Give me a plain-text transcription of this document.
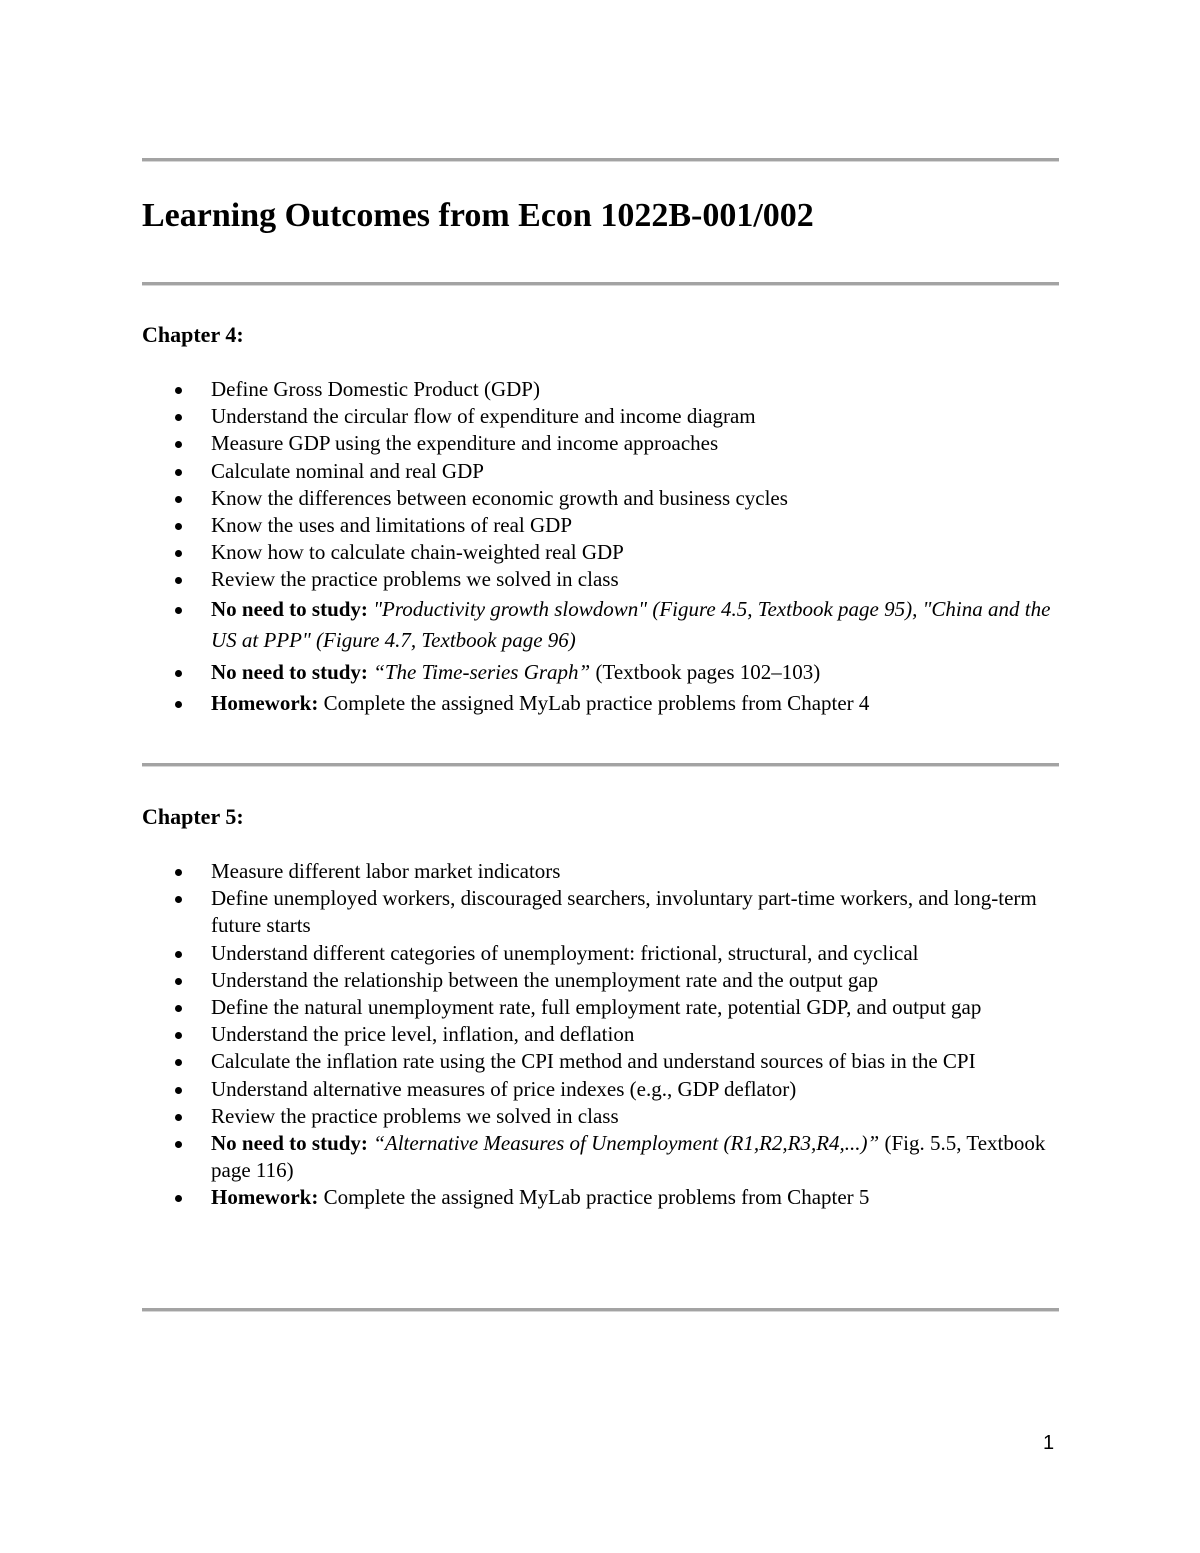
Learning Outcomes from Econ 1022B-001/002
Chapter 4:
Define Gross Domestic Product (GDP)
Understand the circular flow of expenditure and income diagram
Measure GDP using the expenditure and income approaches
Calculate nominal and real GDP
Know the differences between economic growth and business cycles
Know the uses and limitations of real GDP
Know how to calculate chain-weighted real GDP
Review the practice problems we solved in class
No need to study: "Productivity growth slowdown" (Figure 4.5, Textbook page 95), "China and the US at PPP" (Figure 4.7, Textbook page 96)
No need to study: “The Time-series Graph” (Textbook pages 102–103)
Homework: Complete the assigned MyLab practice problems from Chapter 4
Chapter 5:
Measure different labor market indicators
Define unemployed workers, discouraged searchers, involuntary part-time workers, and long-term future starts
Understand different categories of unemployment: frictional, structural, and cyclical
Understand the relationship between the unemployment rate and the output gap
Define the natural unemployment rate, full employment rate, potential GDP, and output gap
Understand the price level, inflation, and deflation
Calculate the inflation rate using the CPI method and understand sources of bias in the CPI
Understand alternative measures of price indexes (e.g., GDP deflator)
Review the practice problems we solved in class
No need to study: “Alternative Measures of Unemployment (R1,R2,R3,R4,...)” (Fig. 5.5, Textbook page 116)
Homework: Complete the assigned MyLab practice problems from Chapter 5
1
